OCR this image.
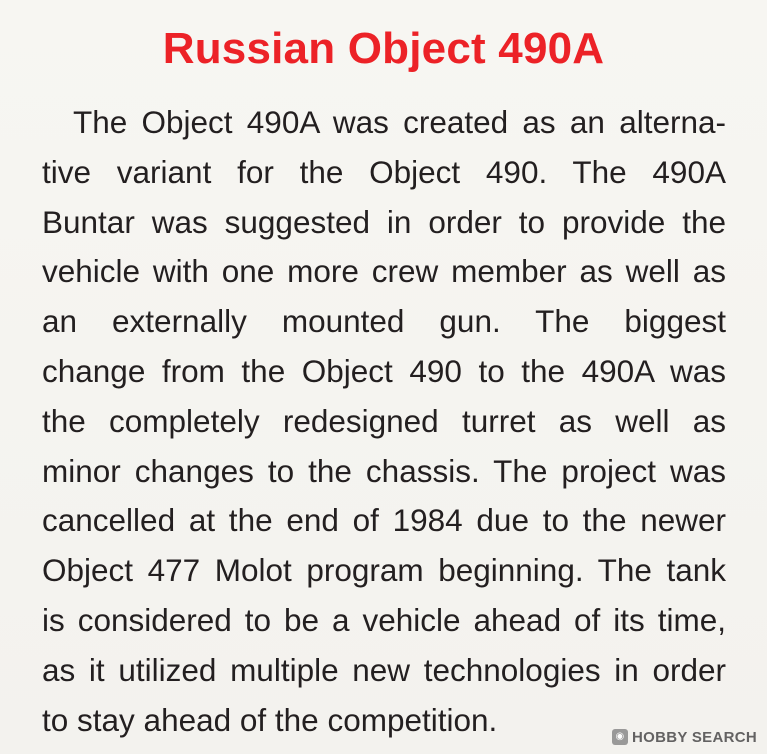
Russian Object 490A
The Object 490A was created as an alterna-
tive variant for the Object 490. The 490A
Buntar was suggested in order to provide the
vehicle with one more crew member as well as
an externally mounted gun. The biggest
change from the Object 490 to the 490A was
the completely redesigned turret as well as
minor changes to the chassis. The project was
cancelled at the end of 1984 due to the newer
Object 477 Molot program beginning. The tank
is considered to be a vehicle ahead of its time,
as it utilized multiple new technologies in order
to stay ahead of the competition.	◉ HOBBY SEARCH
